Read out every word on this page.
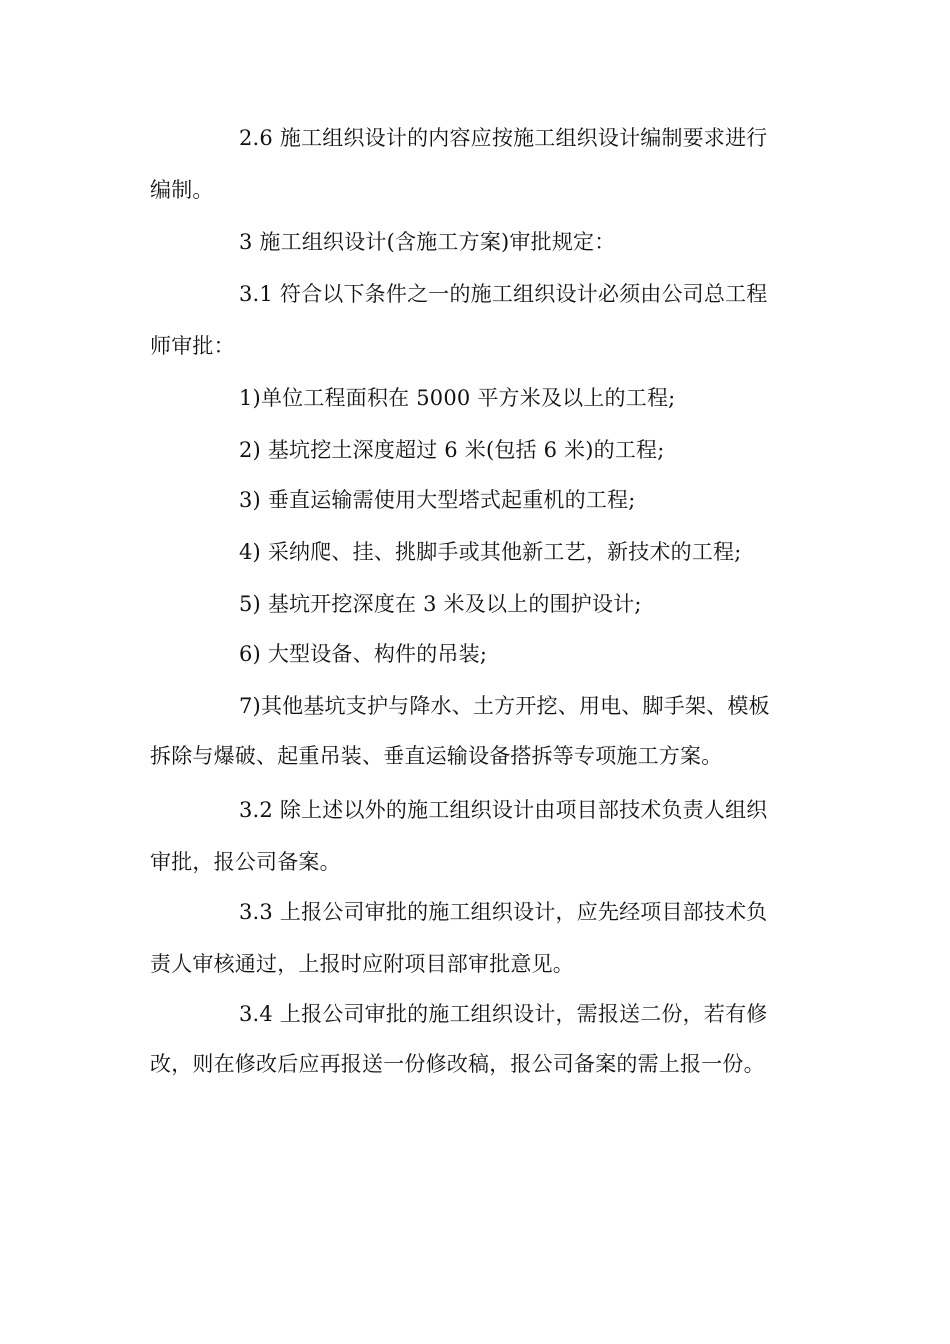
2.6 施工组织设计的内容应按施工组织设计编制要求进行
编制。
3 施工组织设计(含施工方案)审批规定：
3.1 符合以下条件之一的施工组织设计必须由公司总工程
师审批：
1)单位工程面积在 5000 平方米及以上的工程;
2) 基坑挖土深度超过 6 米(包括 6 米)的工程;
3) 垂直运输需使用大型塔式起重机的工程;
4) 采纳爬、挂、挑脚手或其他新工艺，新技术的工程;
5) 基坑开挖深度在 3 米及以上的围护设计;
6) 大型设备、构件的吊装;
7)其他基坑支护与降水、土方开挖、用电、脚手架、模板
拆除与爆破、起重吊装、垂直运输设备搭拆等专项施工方案。
3.2 除上述以外的施工组织设计由项目部技术负责人组织
审批，报公司备案。
3.3 上报公司审批的施工组织设计，应先经项目部技术负
责人审核通过，上报时应附项目部审批意见。
3.4 上报公司审批的施工组织设计，需报送二份，若有修
改，则在修改后应再报送一份修改稿，报公司备案的需上报一份。
